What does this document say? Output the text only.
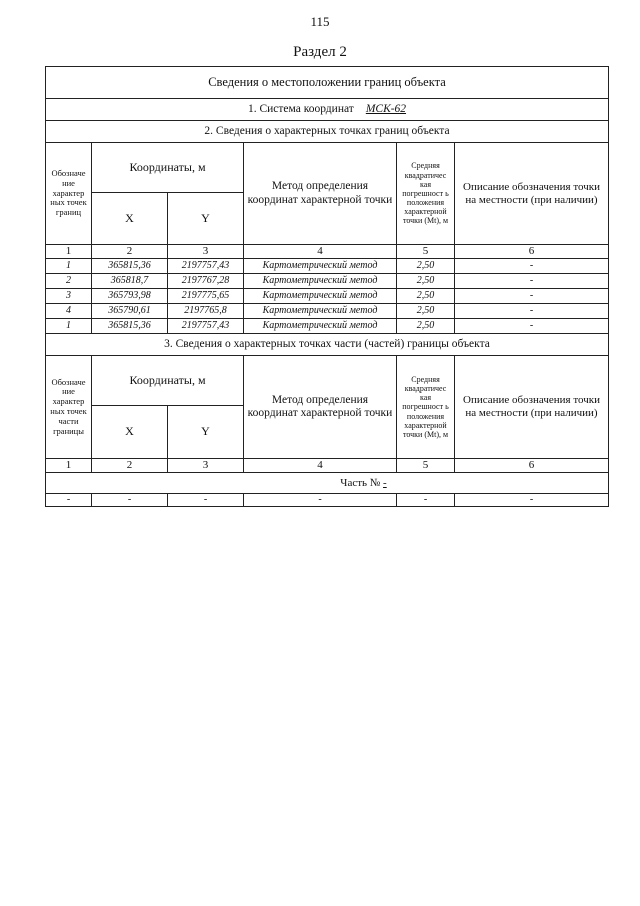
115
Раздел 2
Сведения о местоположении границ объекта					
1. Система координат МСК-62					
2. Сведения о характерных точках границ объекта					
Обозначе ние характер ных точек границ	Координаты, м		Метод определения координат характерной точки	Средняя квадратичес кая погрешност ь положения характерной точки (Mt), м	Описание обозначения точки на местности (при наличии)
	X	Y			
1	2	3	4	5	6
1	365815,36	2197757,43	Картометрический метод	2,50	-
2	365818,7	2197767,28	Картометрический метод	2,50	-
3	365793,98	2197775,65	Картометрический метод	2,50	-
4	365790,61	2197765,8	Картометрический метод	2,50	-
1	365815,36	2197757,43	Картометрический метод	2,50	-
3. Сведения о характерных точках части (частей) границы объекта					
Обозначе ние характер ных точек части границы	Координаты, м		Метод определения координат характерной точки	Средняя квадратичес кая погрешност ь положения характерной точки (Mt), м	Описание обозначения точки на местности (при наличии)
	X	Y			
1	2	3	4	5	6
Часть № -					
-	-	-	-	-	-
